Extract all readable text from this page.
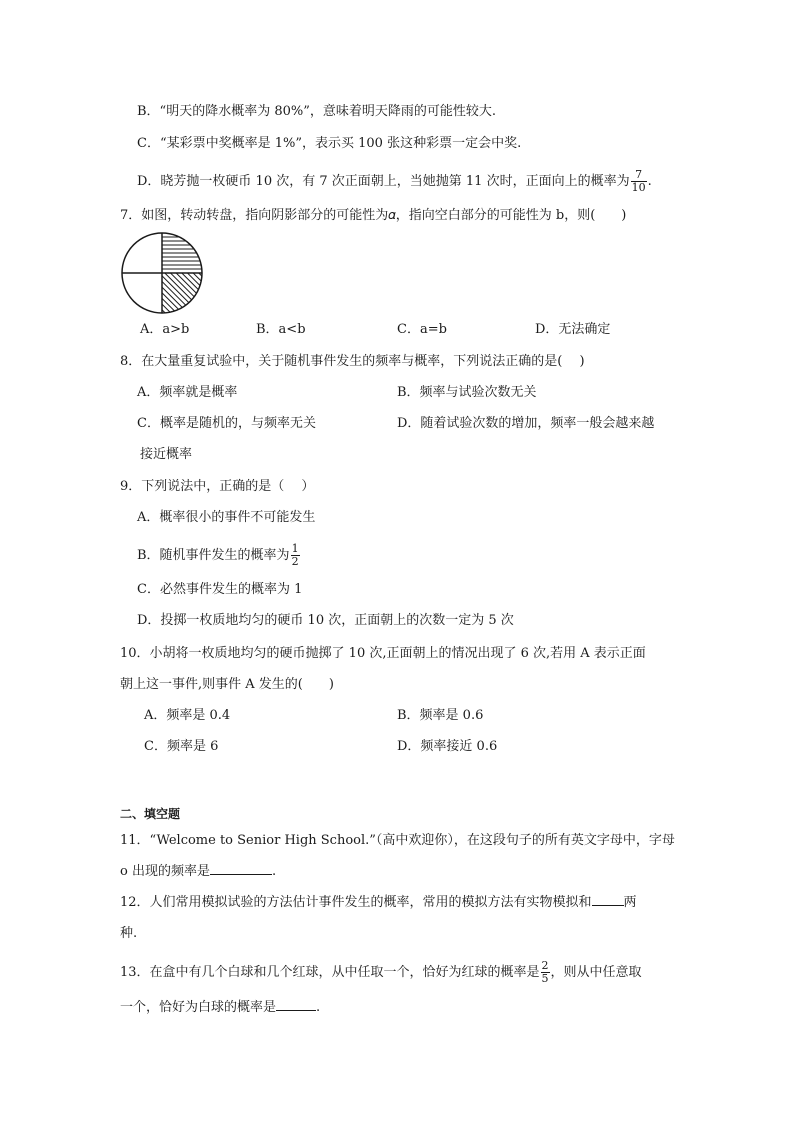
B．“明天的降水概率为 80%”，意味着明天降雨的可能性较大.
C．“某彩票中奖概率是 1%”，表示买 100 张这种彩票一定会中奖.
D．晓芳抛一枚硬币 10 次，有 7 次正面朝上，当她抛第 11 次时，正面向上的概率为 $\frac{7}{10}$ .
7．如图，转动转盘，指向阴影部分的可能性为𝛼，指向空白部分的可能性为 b，则(　　)
A．a>b	B．a<b	C．a=b	D．无法确定
8．在大量重复试验中，关于随机事件发生的频率与概率，下列说法正确的是(　 )
A．频率就是概率	B．频率与试验次数无关
C．概率是随机的，与频率无关	D．随着试验次数的增加，频率一般会越来越
接近概率
9．下列说法中，正确的是（　 ）
A．概率很小的事件不可能发生
B．随机事件发生的概率为 $\frac{1}{2}$
C．必然事件发生的概率为 1
D．投掷一枚质地均匀的硬币 10 次，正面朝上的次数一定为 5 次
10．小胡将一枚质地均匀的硬币抛掷了 10 次,正面朝上的情况出现了 6 次,若用 A 表示正面
朝上这一事件,则事件 A 发生的(　　)
A．频率是 0.4	B．频率是 0.6
C．频率是 6	D．频率接近 0.6
二、填空题
11．“Welcome to Senior High School.”（高中欢迎你），在这段句子的所有英文字母中，字母
o 出现的频率是	.
12．人们常用模拟试验的方法估计事件发生的概率，常用的模拟方法有实物模拟和 两
种.
13．在盒中有几个白球和几个红球，从中任取一个，恰好为红球的概率是 $\frac{2}{5}$ ，则从中任意取
一个，恰好为白球的概率是	.
